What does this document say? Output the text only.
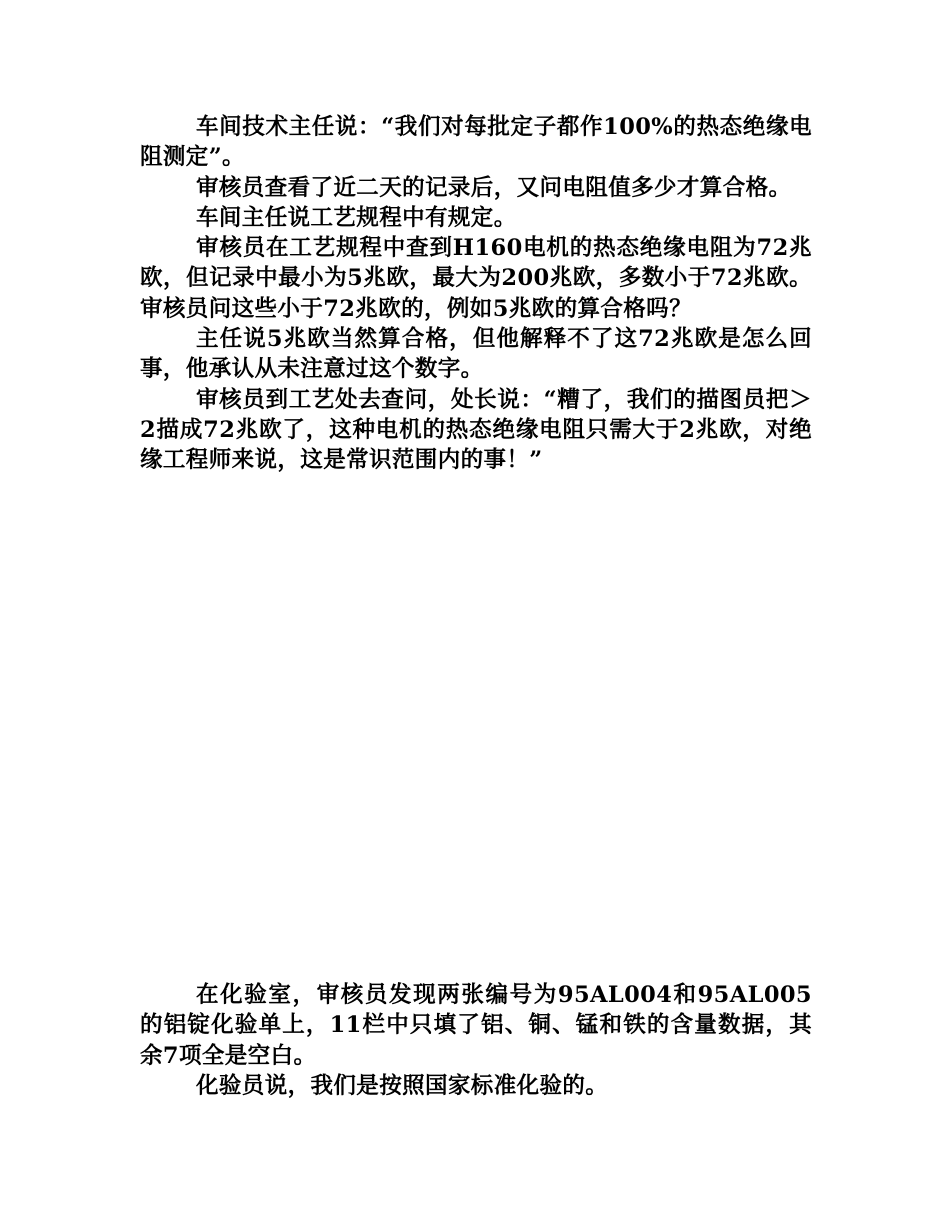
车间技术主任说：“我们对每批定子都作100%的热态绝缘电阻测定”。

审核员查看了近二天的记录后，又问电阻值多少才算合格。

车间主任说工艺规程中有规定。

审核员在工艺规程中查到H160电机的热态绝缘电阻为72兆欧，但记录中最小为5兆欧，最大为200兆欧，多数小于72兆欧。审核员问这些小于72兆欧的，例如5兆欧的算合格吗？

主任说5兆欧当然算合格，但他解释不了这72兆欧是怎么回事，他承认从未注意过这个数字。

审核员到工艺处去查问，处长说：“糟了，我们的描图员把＞2描成72兆欧了，这种电机的热态绝缘电阻只需大于2兆欧，对绝缘工程师来说，这是常识范围内的事！”

在化验室，审核员发现两张编号为95AL004和95AL005的铝锭化验单上，11栏中只填了铝、铜、锰和铁的含量数据，其余7项全是空白。

化验员说，我们是按照国家标准化验的。
